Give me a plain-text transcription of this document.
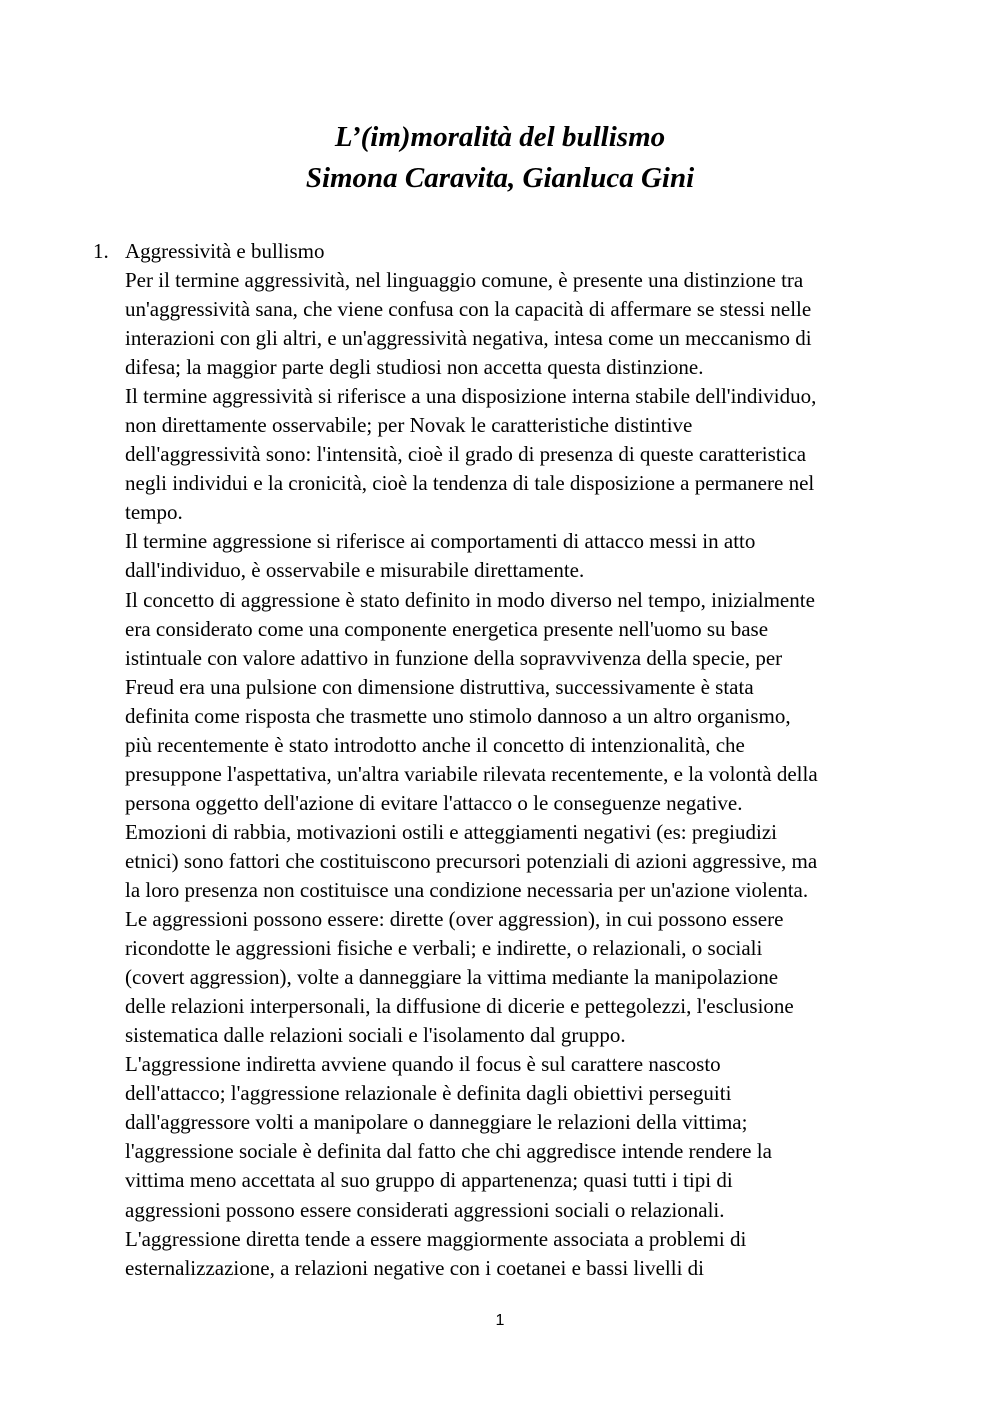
L’(im)moralità del bullismo
Simona Caravita, Gianluca Gini
1. Aggressività e bullismo
Per il termine aggressività, nel linguaggio comune, è presente una distinzione tra
un'aggressività sana, che viene confusa con la capacità di affermare se stessi nelle
interazioni con gli altri, e un'aggressività negativa, intesa come un meccanismo di
difesa; la maggior parte degli studiosi non accetta questa distinzione.
Il termine aggressività si riferisce a una disposizione interna stabile dell'individuo,
non direttamente osservabile; per Novak le caratteristiche distintive
dell'aggressività sono: l'intensità, cioè il grado di presenza di queste caratteristica
negli individui e la cronicità, cioè la tendenza di tale disposizione a permanere nel
tempo.
Il termine aggressione si riferisce ai comportamenti di attacco messi in atto
dall'individuo, è osservabile e misurabile direttamente.
Il concetto di aggressione è stato definito in modo diverso nel tempo, inizialmente
era considerato come una componente energetica presente nell'uomo su base
istintuale con valore adattivo in funzione della sopravvivenza della specie, per
Freud era una pulsione con dimensione distruttiva, successivamente è stata
definita come risposta che trasmette uno stimolo dannoso a un altro organismo,
più recentemente è stato introdotto anche il concetto di intenzionalità, che
presuppone l'aspettativa, un'altra variabile rilevata recentemente, e la volontà della
persona oggetto dell'azione di evitare l'attacco o le conseguenze negative.
Emozioni di rabbia, motivazioni ostili e atteggiamenti negativi (es: pregiudizi
etnici) sono fattori che costituiscono precursori potenziali di azioni aggressive, ma
la loro presenza non costituisce una condizione necessaria per un'azione violenta.
Le aggressioni possono essere: dirette (over aggression), in cui possono essere
ricondotte le aggressioni fisiche e verbali; e indirette, o relazionali, o sociali
(covert aggression), volte a danneggiare la vittima mediante la manipolazione
delle relazioni interpersonali, la diffusione di dicerie e pettegolezzi, l'esclusione
sistematica dalle relazioni sociali e l'isolamento dal gruppo.
L'aggressione indiretta avviene quando il focus è sul carattere nascosto
dell'attacco; l'aggressione relazionale è definita dagli obiettivi perseguiti
dall'aggressore volti a manipolare o danneggiare le relazioni della vittima;
l'aggressione sociale è definita dal fatto che chi aggredisce intende rendere la
vittima meno accettata al suo gruppo di appartenenza; quasi tutti i tipi di
aggressioni possono essere considerati aggressioni sociali o relazionali.
L'aggressione diretta tende a essere maggiormente associata a problemi di
esternalizzazione, a relazioni negative con i coetanei e bassi livelli di
1
